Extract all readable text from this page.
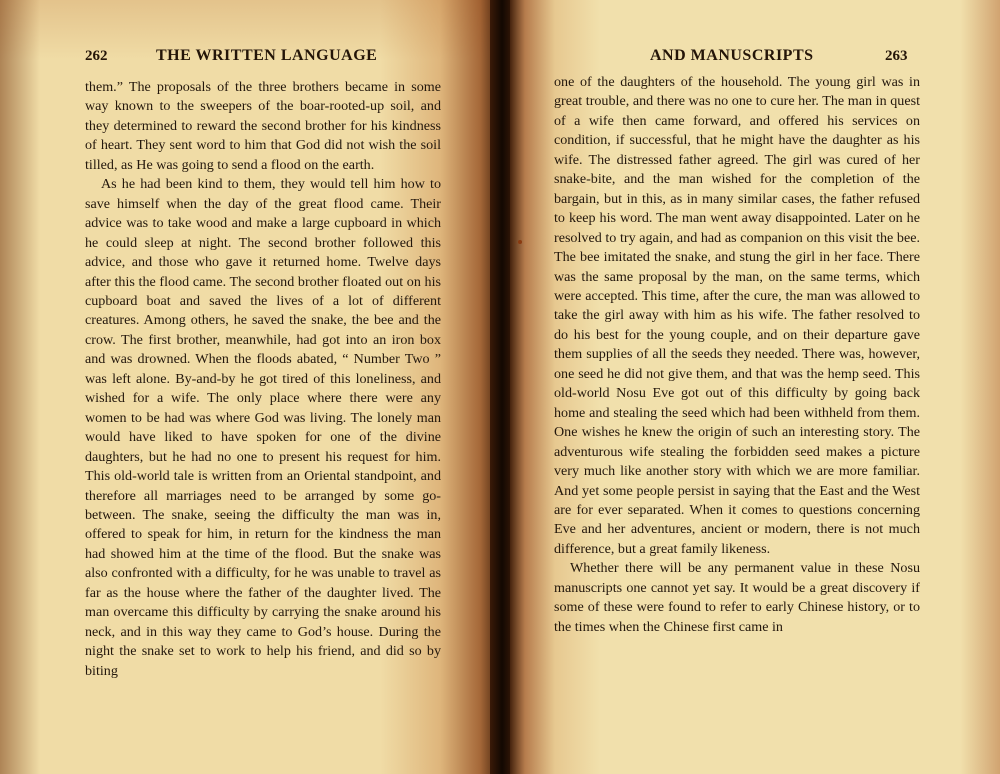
262	THE WRITTEN LANGUAGE

them.” The proposals of the three brothers became in some way known to the sweepers of the boar-rooted-up soil, and they determined to reward the second brother for his kindness of heart. They sent word to him that God did not wish the soil tilled, as He was going to send a flood on the earth.

As he had been kind to them, they would tell him how to save himself when the day of the great flood came. Their advice was to take wood and make a large cupboard in which he could sleep at night. The second brother followed this advice, and those who gave it returned home. Twelve days after this the flood came. The second brother floated out on his cupboard boat and saved the lives of a lot of different creatures. Among others, he saved the snake, the bee and the crow. The first brother, meanwhile, had got into an iron box and was drowned. When the floods abated, “ Number Two ” was left alone. By-and-by he got tired of this loneliness, and wished for a wife. The only place where there were any women to be had was where God was living. The lonely man would have liked to have spoken for one of the divine daughters, but he had no one to present his request for him. This old-world tale is written from an Oriental standpoint, and therefore all marriages need to be arranged by some go-between. The snake, seeing the difficulty the man was in, offered to speak for him, in return for the kindness the man had showed him at the time of the flood. But the snake was also confronted with a difficulty, for he was unable to travel as far as the house where the father of the daughter lived. The man overcame this difficulty by carrying the snake around his neck, and in this way they came to God’s house. During the night the snake set to work to help his friend, and did so by biting

AND MANUSCRIPTS	263

one of the daughters of the household. The young girl was in great trouble, and there was no one to cure her. The man in quest of a wife then came forward, and offered his services on condition, if successful, that he might have the daughter as his wife. The distressed father agreed. The girl was cured of her snake-bite, and the man wished for the completion of the bargain, but in this, as in many similar cases, the father refused to keep his word. The man went away disappointed. Later on he resolved to try again, and had as companion on this visit the bee. The bee imitated the snake, and stung the girl in her face. There was the same proposal by the man, on the same terms, which were accepted. This time, after the cure, the man was allowed to take the girl away with him as his wife. The father resolved to do his best for the young couple, and on their departure gave them supplies of all the seeds they needed. There was, however, one seed he did not give them, and that was the hemp seed. This old-world Nosu Eve got out of this difficulty by going back home and stealing the seed which had been withheld from them. One wishes he knew the origin of such an interesting story. The adventurous wife stealing the forbidden seed makes a picture very much like another story with which we are more familiar. And yet some people persist in saying that the East and the West are for ever separated. When it comes to questions concerning Eve and her adventures, ancient or modern, there is not much difference, but a great family likeness.

Whether there will be any permanent value in these Nosu manuscripts one cannot yet say. It would be a great discovery if some of these were found to refer to early Chinese history, or to the times when the Chinese first came in
